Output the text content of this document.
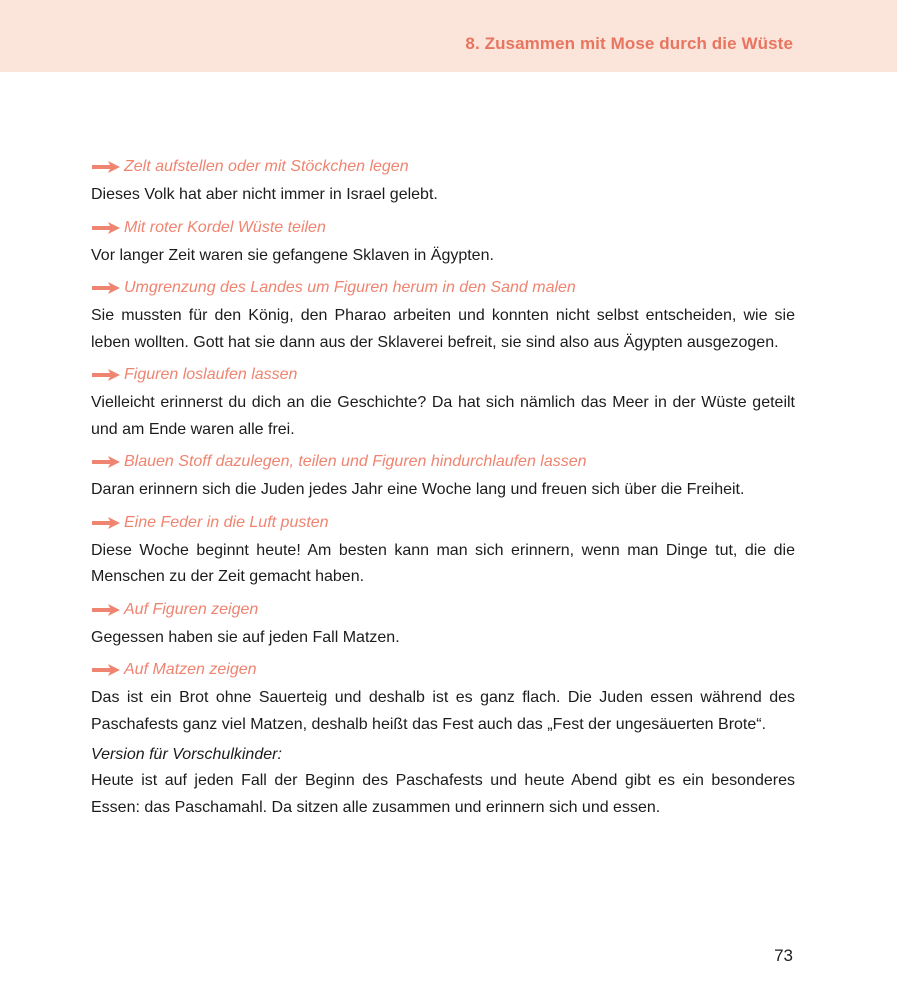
8. Zusammen mit Mose durch die Wüste
Zelt aufstellen oder mit Stöckchen legen

Dieses Volk hat aber nicht immer in Israel gelebt.

Mit roter Kordel Wüste teilen

Vor langer Zeit waren sie gefangene Sklaven in Ägypten.

Umgrenzung des Landes um Figuren herum in den Sand malen

Sie mussten für den König, den Pharao arbeiten und konnten nicht selbst entscheiden, wie sie leben wollten. Gott hat sie dann aus der Sklaverei befreit, sie sind also aus Ägypten ausgezogen.

Figuren loslaufen lassen

Vielleicht erinnerst du dich an die Geschichte? Da hat sich nämlich das Meer in der Wüste geteilt und am Ende waren alle frei.

Blauen Stoff dazulegen, teilen und Figuren hindurchlaufen lassen

Daran erinnern sich die Juden jedes Jahr eine Woche lang und freuen sich über die Freiheit.

Eine Feder in die Luft pusten

Diese Woche beginnt heute! Am besten kann man sich erinnern, wenn man Dinge tut, die die Menschen zu der Zeit gemacht haben.

Auf Figuren zeigen

Gegessen haben sie auf jeden Fall Matzen.

Auf Matzen zeigen

Das ist ein Brot ohne Sauerteig und deshalb ist es ganz flach. Die Juden essen während des Paschafests ganz viel Matzen, deshalb heißt das Fest auch das „Fest der ungesäuerten Brote“.

Version für Vorschulkinder:

Heute ist auf jeden Fall der Beginn des Paschafests und heute Abend gibt es ein besonderes Essen: das Paschamahl. Da sitzen alle zusammen und erinnern sich und essen.

73
